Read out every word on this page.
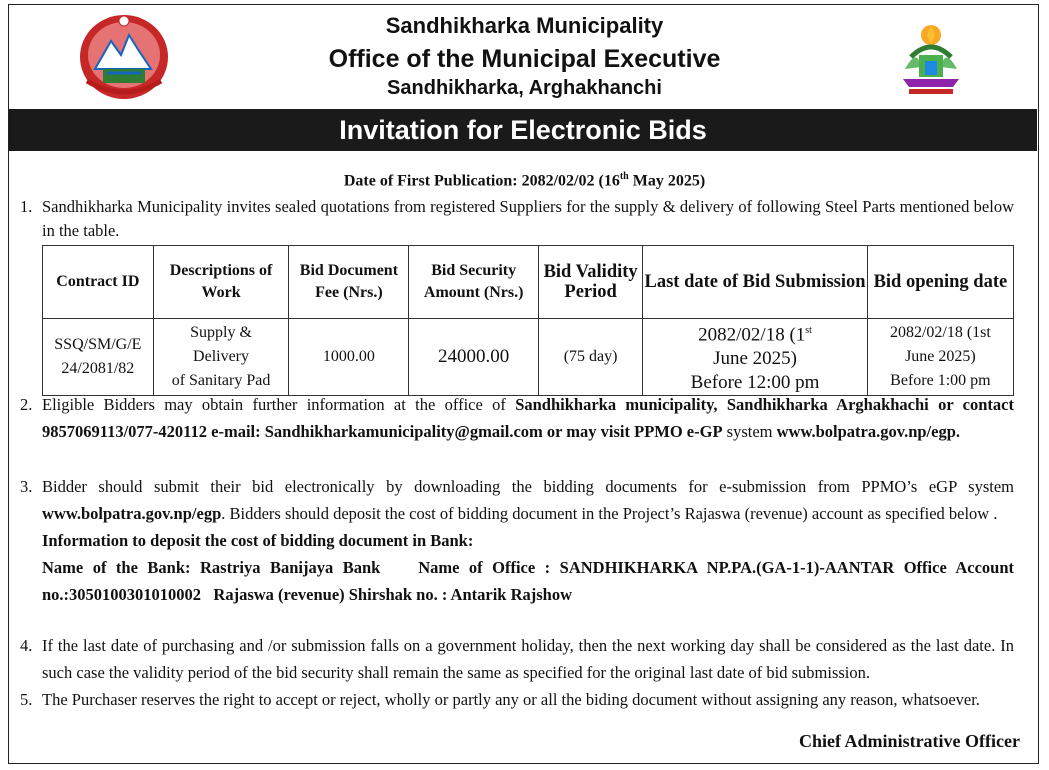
Sandhikharka Municipality
Office of the Municipal Executive
Sandhikharka, Arghakhanchi
Invitation for Electronic Bids
Date of First Publication: 2082/02/02 (16th May 2025)
1. Sandhikharka Municipality invites sealed quotations from registered Suppliers for the supply & delivery of following Steel Parts mentioned below in the table.
Contract ID	Descriptions of Work	Bid Document Fee (Nrs.)	Bid Security Amount (Nrs.)	Bid Validity Period	Last date of Bid Submission	Bid opening date
SSQ/SM/G/E
24/2081/82	Supply &
Delivery
of Sanitary Pad	1000.00	24000.00	(75 day)	2082/02/18 (1st
June 2025)
Before 12:00 pm	2082/02/18 (1st
June 2025)
Before 1:00 pm
2. Eligible Bidders may obtain further information at the office of Sandhikharka municipality, Sandhikharka Arghakhachi or contact 9857069113/077-420112 e-mail: Sandhikharkamunicipality@gmail.com or may visit PPMO e-GP system www.bolpatra.gov.np/egp.
3. Bidder should submit their bid electronically by downloading the bidding documents for e-submission from PPMO’s eGP system www.bolpatra.gov.np/egp. Bidders should deposit the cost of bidding document in the Project’s Rajaswa (revenue) account as specified below .
Information to deposit the cost of bidding document in Bank:
Name of the Bank: Rastriya Banijaya Bank    Name of Office : SANDHIKHARKA NP.PA.(GA-1-1)-AANTAR Office Account no.:3050100301010002   Rajaswa (revenue) Shirshak no. : Antarik Rajshow
4. If the last date of purchasing and /or submission falls on a government holiday, then the next working day shall be considered as the last date. In such case the validity period of the bid security shall remain the same as specified for the original last date of bid submission.
5. The Purchaser reserves the right to accept or reject, wholly or partly any or all the biding document without assigning any reason, whatsoever.
Chief Administrative Officer
